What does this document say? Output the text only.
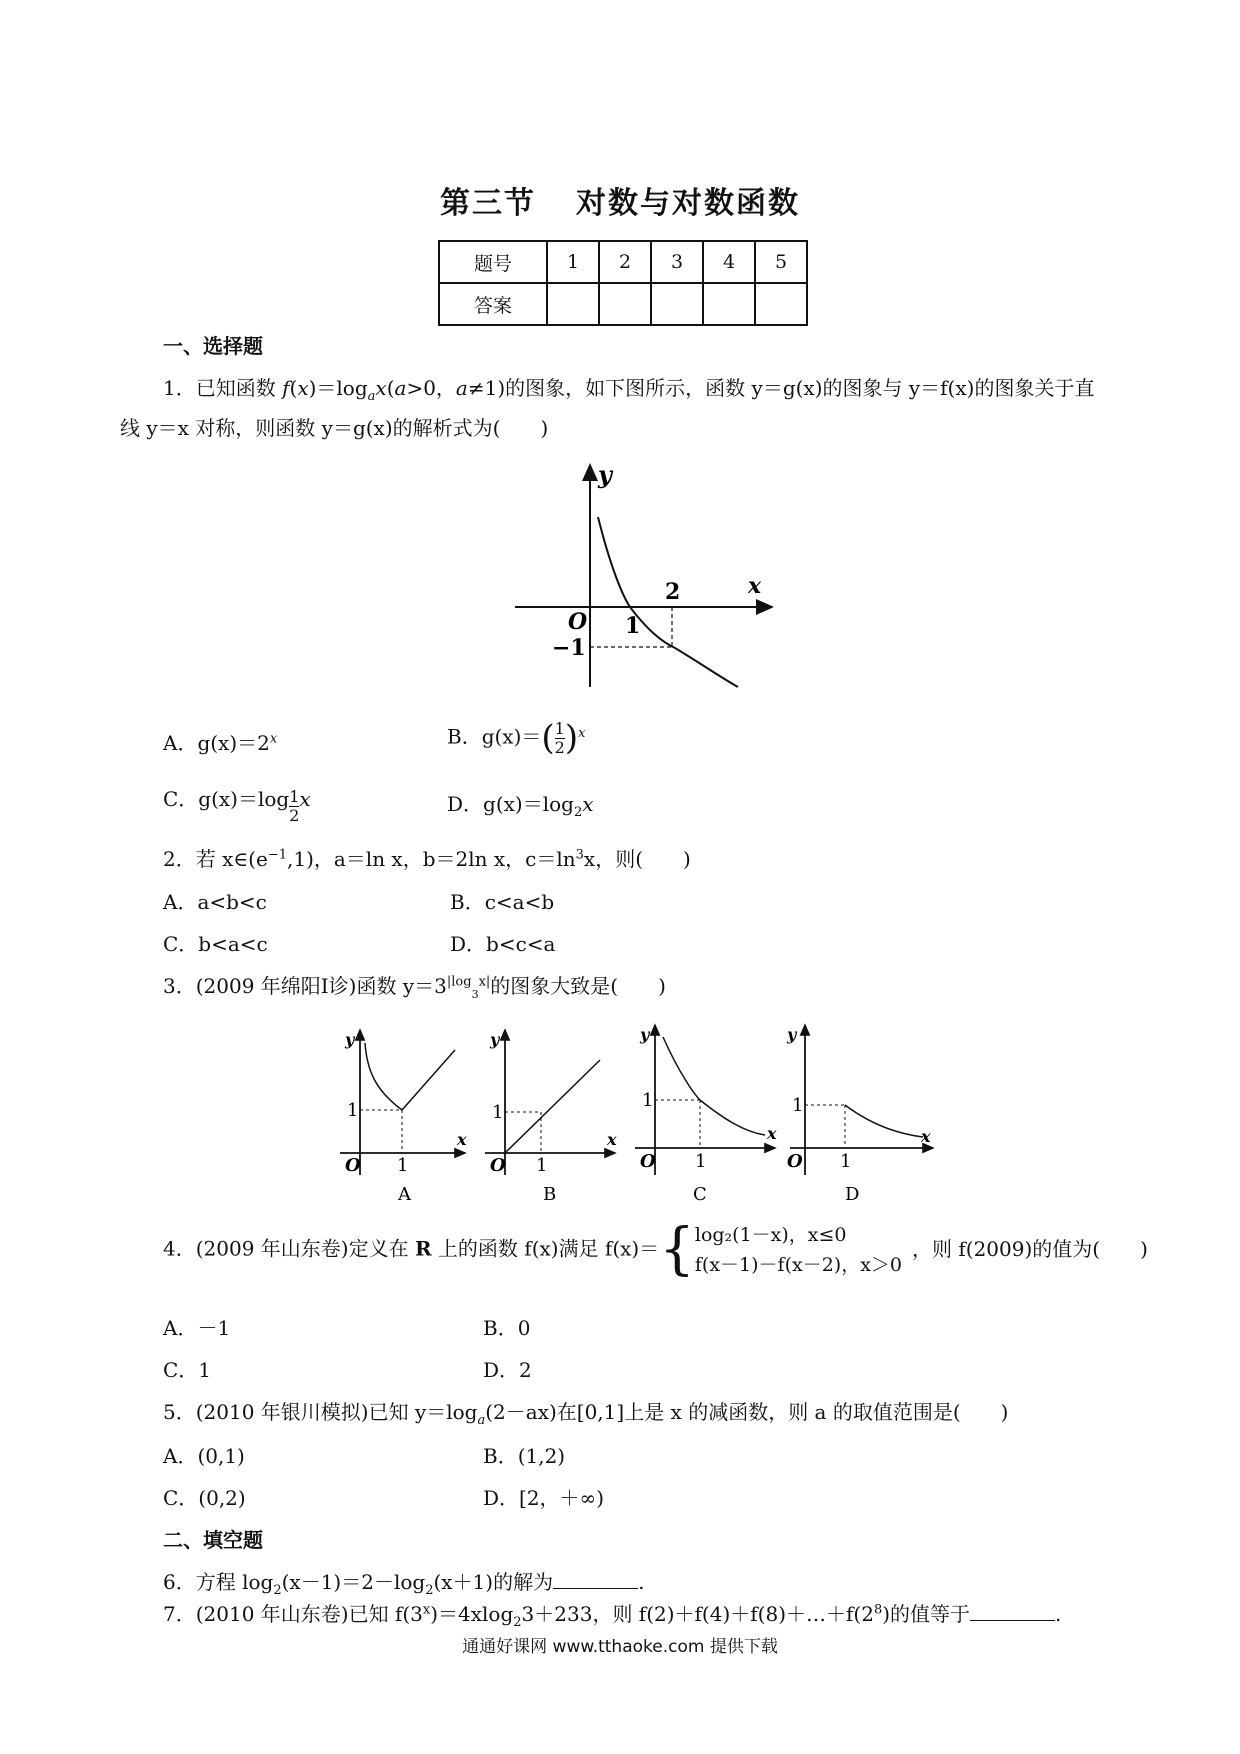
第三节 对数与对数函数
题号	1	2	3	4	5
答案					
一、选择题
1．已知函数 $f(x)=\log_ax(a>0$，a≠1)的图象，如下图所示，函数 y＝g(x)的图象与 y＝f(x)的图象关于直
线 y＝x 对称，则函数 y＝g(x)的解析式为(　　)
y
x
O 1
2
−1
A．$g(x)=2^x$	B．$g(x)=( \frac{1}{2} )x$
C．$g(x)=\log \frac{1}{2}$ x	D．$g(x)=\log_2x$
2．若 $x\in(e^{-1},1)$，a＝ln x，b＝2ln x，$c=\ln^3x$，则(　　)
A．a<b<c	B．c<a<b
C．b<a<c	D．b<c<a
3．(2009 年绵阳Ⅰ诊)函数 $y=3^{|log}_3^{x|}$的图象大致是(　　)
y
x
O 1
1
A
y
x
O 1
1
B
y
x
O 1
1
C
y
x
O 1
1
D
4．(2009 年山东卷)定义在 R 上的函数 f(x)满足 f(x)＝{ log₂(1－x)，x≤0
f(x－1)－f(x－2)，x＞0
，则 f(2009)的值为(　　)
A．－1	B．0
C．1	D．2
5．(2010 年银川模拟)已知 $y=\log_a(2-ax)$在[0,1]上是 x 的减函数，则 a 的取值范围是(　　)
A．(0,1)	B．(1,2)
C．(0,2)	D．[2，＋∞)
二、填空题
6．方程 $\log_2(x-1)=2-\log_2(x+1)$的解为	.
7．(2010 年山东卷)已知 $f(3^x)=4xlog_23+233$，则 $f(2)+f(4)+f(8)+\dots+f(2^8)$的值等于	.
通通好课网 www.tthaoke.com 提供下载
